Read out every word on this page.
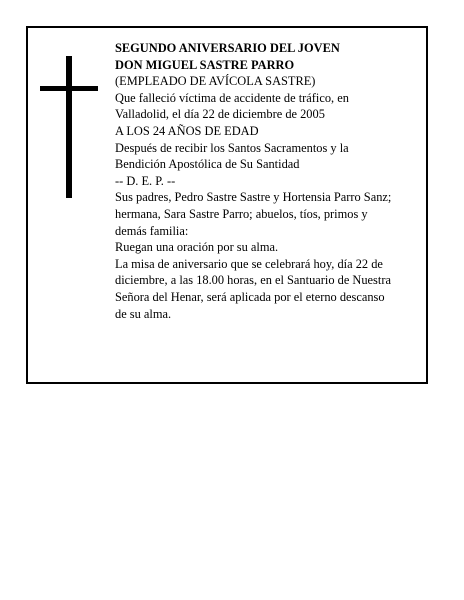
SEGUNDO ANIVERSARIO DEL JOVEN
DON MIGUEL SASTRE PARRO
(EMPLEADO DE AVÍCOLA SASTRE)
Que falleció víctima de accidente de tráfico, en
Valladolid, el día 22 de diciembre de 2005
A LOS 24 AÑOS DE EDAD
Después de recibir los Santos Sacramentos y la
Bendición Apostólica de Su Santidad
-- D. E. P. --
Sus padres, Pedro Sastre Sastre y Hortensia Parro Sanz;
hermana, Sara Sastre Parro; abuelos, tíos, primos y
demás familia:
Ruegan una oración por su alma.
La misa de aniversario que se celebrará hoy, día 22 de
diciembre, a las 18.00 horas, en el Santuario de Nuestra
Señora del Henar, será aplicada por el eterno descanso
de su alma.
